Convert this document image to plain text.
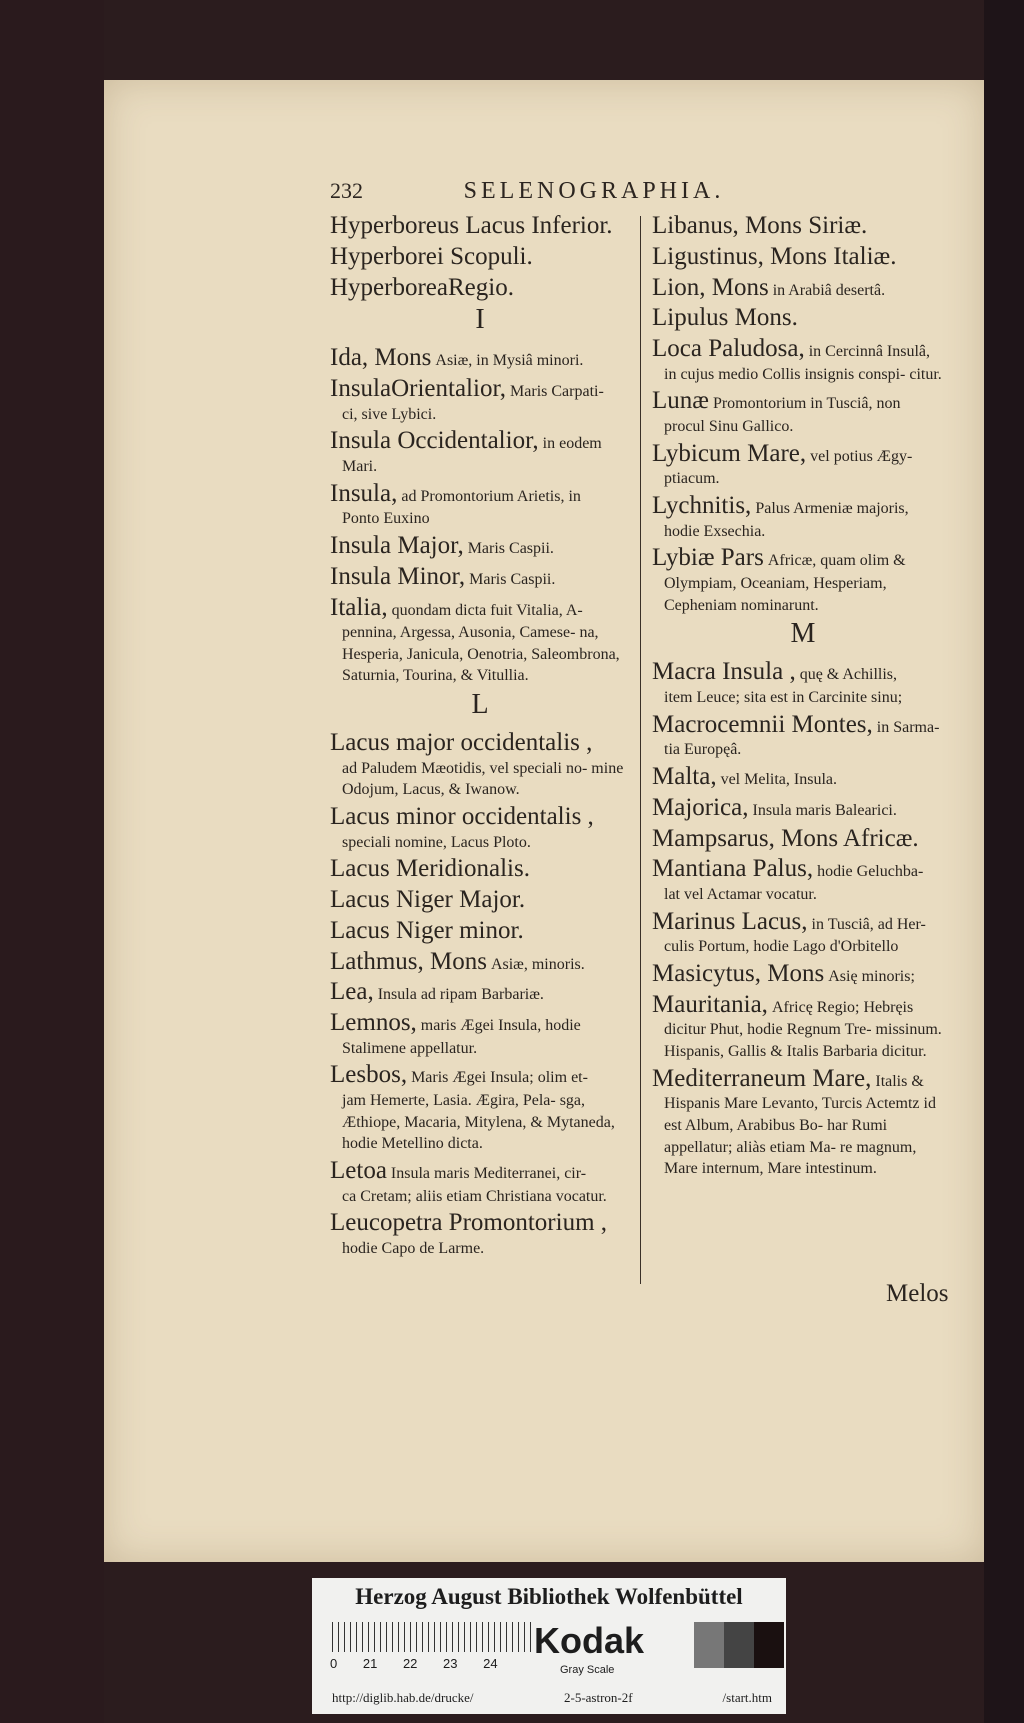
232	SELENOGRAPHIA.
Hyperboreus Lacus Inferior.
Hyperborei Scopuli.
HyperboreaRegio.
I
Ida, Mons Asiæ, in Mysiâ minori.
InsulaOrientalior, Maris Carpati-
ci, sive Lybici.
Insula Occidentalior, in eodem
Mari.
Insula, ad Promontorium Arietis, in
Ponto Euxino
Insula Major, Maris Caspii.
Insula Minor, Maris Caspii.
Italia, quondam dicta fuit Vitalia, A-
pennina, Argessa, Ausonia, Camese- na, Hesperia, Janicula, Oenotria, Saleombrona, Saturnia, Tourina, & Vitullia.
L
Lacus major occidentalis ,
ad Paludem Mæotidis, vel speciali no- mine Odojum, Lacus, & Iwanow.
Lacus minor occidentalis ,
speciali nomine, Lacus Ploto.
Lacus Meridionalis.
Lacus Niger Major.
Lacus Niger minor.
Lathmus, Mons Asiæ, minoris.
Lea, Insula ad ripam Barbariæ.
Lemnos, maris Ægei Insula, hodie
Stalimene appellatur.
Lesbos, Maris Ægei Insula; olim et-
jam Hemerte, Lasia. Ægira, Pela- sga, Æthiope, Macaria, Mitylena, & Mytaneda, hodie Metellino dicta.
Letoa Insula maris Mediterranei, cir-
ca Cretam; aliis etiam Christiana vocatur.
Leucopetra Promontorium ,
hodie Capo de Larme.
Libanus, Mons Siriæ.
Ligustinus, Mons Italiæ.
Lion, Mons in Arabiâ desertâ.
Lipulus Mons.
Loca Paludosa, in Cercinnâ Insulâ,
in cujus medio Collis insignis conspi- citur.
Lunæ Promontorium in Tusciâ, non
procul Sinu Gallico.
Lybicum Mare, vel potius Ægy-
ptiacum.
Lychnitis, Palus Armeniæ majoris,
hodie Exsechia.
Lybiæ Pars Africæ, quam olim &
Olympiam, Oceaniam, Hesperiam, Cepheniam nominarunt.
M
Macra Insula , quę & Achillis,
item Leuce; sita est in Carcinite sinu;
Macrocemnii Montes, in Sarma-
tia Europęâ.
Malta, vel Melita, Insula.
Majorica, Insula maris Balearici.
Mampsarus, Mons Africæ.
Mantiana Palus, hodie Geluchba-
lat vel Actamar vocatur.
Marinus Lacus, in Tusciâ, ad Her-
culis Portum, hodie Lago d'Orbitello
Masicytus, Mons Asię minoris;
Mauritania, Africę Regio; Hebręis
dicitur Phut, hodie Regnum Tre- missinum. Hispanis, Gallis & Italis Barbaria dicitur.
Mediterraneum Mare, Italis &
Hispanis Mare Levanto, Turcis Actemtz id est Album, Arabibus Bo- har Rumi appellatur; aliàs etiam Ma- re magnum, Mare internum, Mare intestinum.
Melos
Herzog August Bibliothek Wolfenbüttel
0 21 22 23 24
Kodak
Gray Scale
http://diglib.hab.de/drucke/	2-5-astron-2f	/start.htm
